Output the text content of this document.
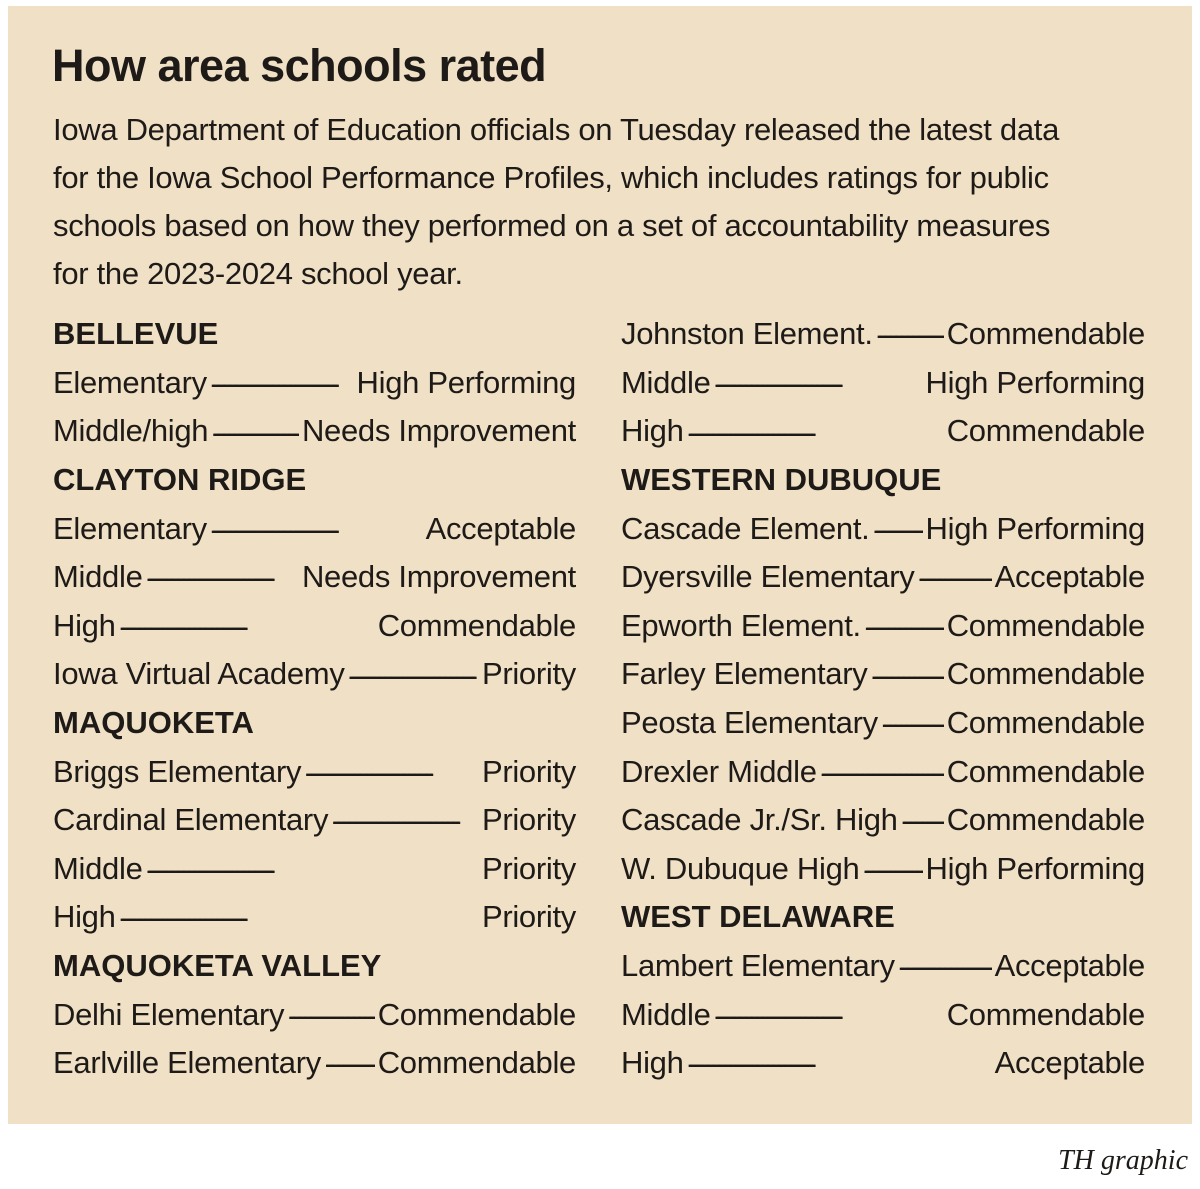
How area schools rated
Iowa Department of Education officials on Tuesday released the latest data
for the Iowa School Performance Profiles, which includes ratings for public
schools based on how they performed on a set of accountability measures
for the 2023-2024 school year.
BELLEVUE
Elementary . . .	High Performing
Middle/high . . .	Needs Improvement
CLAYTON RIDGE
Elementary . . .	Acceptable
Middle . . .	Needs Improvement
High . . .	Commendable
Iowa Virtual Academy . . .	Priority
MAQUOKETA
Briggs Elementary . . .	Priority
Cardinal Elementary . . .	Priority
Middle . . .	Priority
High . . .	Priority
MAQUOKETA VALLEY
Delhi Elementary . . .	Commendable
Earlville Elementary . . . Commendable
Johnston Element. . . . Commendable
Middle . . .	High Performing
High . . .	Commendable
WESTERN DUBUQUE
Cascade Element. . . . High Performing
Dyersville Elementary . . .	Acceptable
Epworth Element. . . .	Commendable
Farley Elementary . . .	Commendable
Peosta Elementary . . . Commendable
Drexler Middle . . .	Commendable
Cascade Jr./Sr. High . . . Commendable
W. Dubuque High . . . High Performing
WEST DELAWARE
Lambert Elementary . . .	Acceptable
Middle . . .	Commendable
High . . .	Acceptable
TH graphic
